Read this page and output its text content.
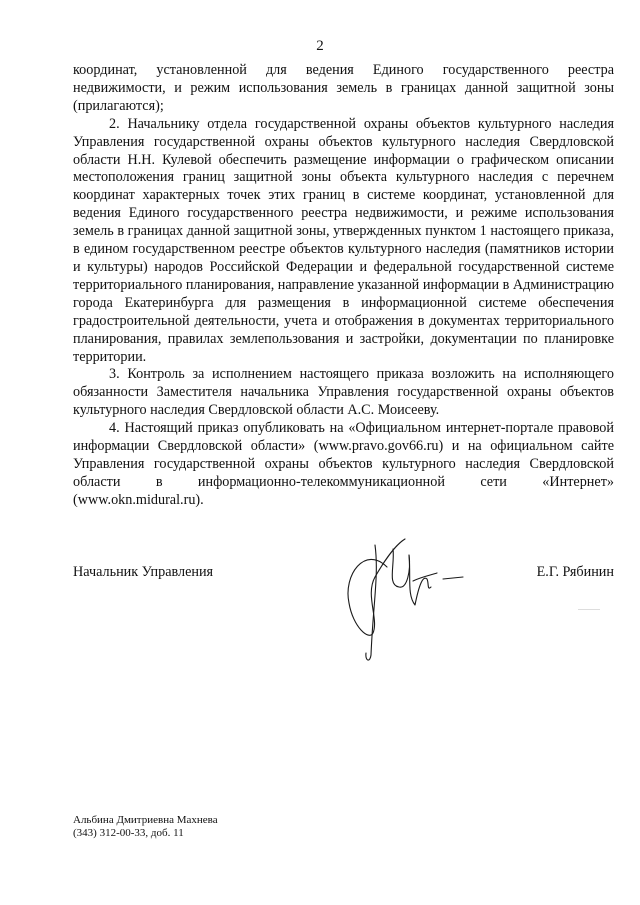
2

координат, установленной для ведения Единого государственного реестра недвижимости, и режим использования земель в границах данной защитной зоны (прилагаются);

2. Начальнику отдела государственной охраны объектов культурного наследия Управления государственной охраны объектов культурного наследия Свердловской области Н.Н. Кулевой обеспечить размещение информации о графическом описании местоположения границ защитной зоны объекта культурного наследия с перечнем координат характерных точек этих границ в системе координат, установленной для ведения Единого государственного реестра недвижимости, и режиме использования земель в границах данной защитной зоны, утвержденных пунктом 1 настоящего приказа, в едином государственном реестре объектов культурного наследия (памятников истории и культуры) народов Российской Федерации и федеральной государственной системе территориального планирования, направление указанной информации в Администрацию города Екатеринбурга для размещения в информационной системе обеспечения градостроительной деятельности, учета и отображения в документах территориального планирования, правилах землепользования и застройки, документации по планировке территории.

3. Контроль за исполнением настоящего приказа возложить на исполняющего обязанности Заместителя начальника Управления государственной охраны объектов культурного наследия Свердловской области А.С. Моисееву.

4. Настоящий приказ опубликовать на «Официальном интернет-портале правовой информации Свердловской области» (www.pravo.gov66.ru) и на официальном сайте Управления государственной охраны объектов культурного наследия Свердловской области в информационно-телекоммуникационной сети «Интернет» (www.okn.midural.ru).

Начальник Управления	Е.Г. Рябинин
Альбина Дмитриевна Махнева
(343) 312-00-33, доб. 11
